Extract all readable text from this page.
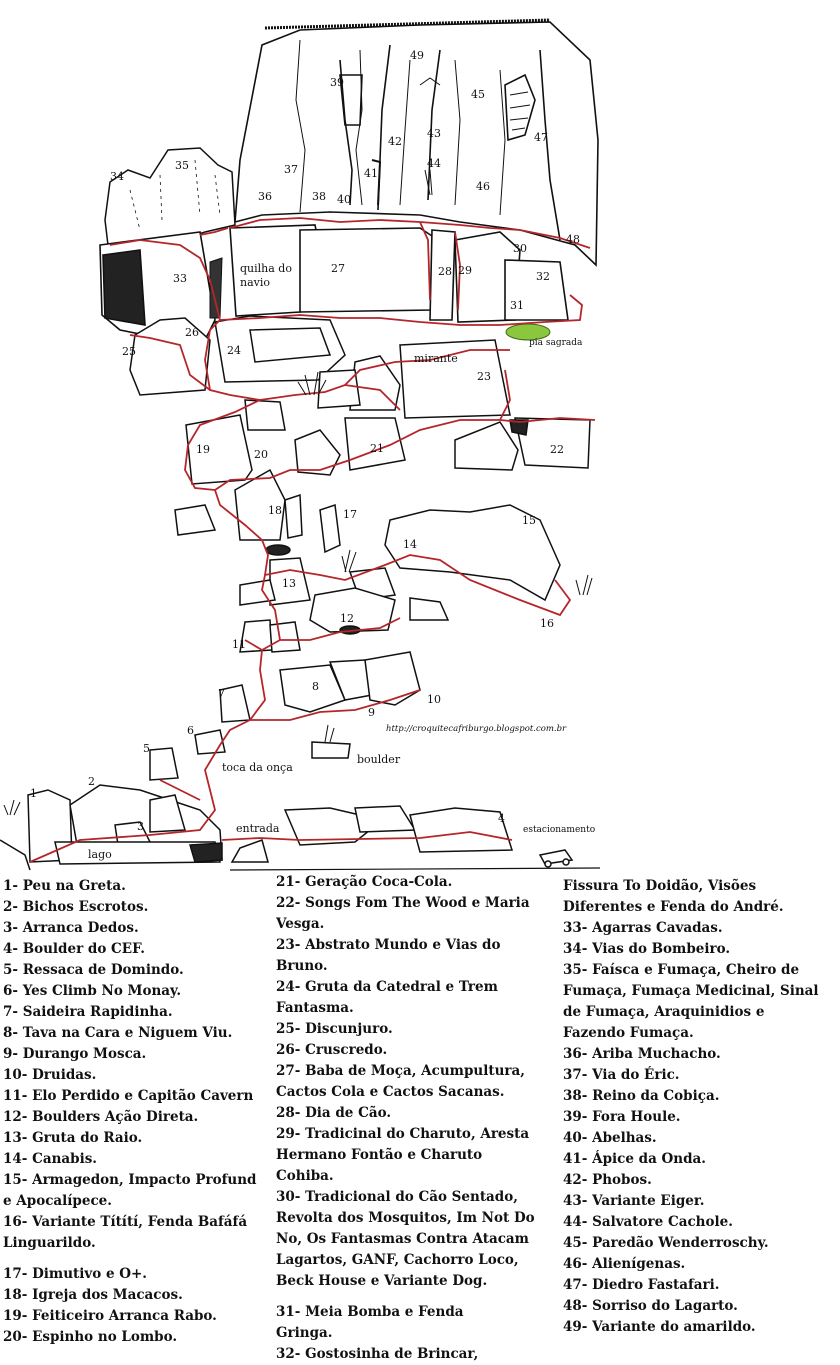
1
2
3
4
5
6
7
8
9
10
11
12
13
14
15
16
17
18
19	20	21	22
23
24
25
26
27	28 29
30
31
32
33
34
35
36
37
38
39
40
41
42
43
44
45
46
47
48
49
quilha do
navio
mirante
pia sagrada
toca da onça
boulder
entrada
lago
estacionamento
http://croquitecafriburgo.blogspot.com.br
1- Peu na Greta.
2- Bichos Escrotos.
3- Arranca Dedos.
4- Boulder do CEF.
5- Ressaca de Domindo.
6- Yes Climb No Monay.
7- Saideira Rapidinha.
8- Tava na Cara e Niguem Viu.
9- Durango Mosca.
10- Druidas.
11- Elo Perdido e Capitão Cavern
12- Boulders Ação Direta.
13- Gruta do Raio.
14- Canabis.
15- Armagedon, Impacto Profund
e Apocalípece.
16- Variante Títítí, Fenda Bafáfá
Linguarildo.
17- Dimutivo e O+.
18- Igreja dos Macacos.
19- Feiticeiro Arranca Rabo.
20- Espinho no Lombo.
21- Geração Coca-Cola.
22- Songs Fom The Wood e Maria
Vesga.
23- Abstrato Mundo e Vias do
Bruno.
24- Gruta da Catedral e Trem
Fantasma.
25- Discunjuro.
26- Cruscredo.
27- Baba de Moça, Acumpultura,
Cactos Cola e Cactos Sacanas.
28- Dia de Cão.
29- Tradicinal do Charuto, Aresta
Hermano Fontão e Charuto
Cohiba.
30- Tradicional do Cão Sentado,
Revolta dos Mosquitos, Im Not Do
No, Os Fantasmas Contra Atacam
Lagartos, GANF, Cachorro Loco,
Beck House e Variante Dog.
31- Meia Bomba e Fenda
Gringa.
32- Gostosinha de Brincar,
Fissura To Doidão, Visões
Diferentes e Fenda do André.
33- Agarras Cavadas.
34- Vias do Bombeiro.
35- Faísca e Fumaça, Cheiro de
Fumaça, Fumaça Medicinal, Sinal
de Fumaça, Araquinidios e
Fazendo Fumaça.
36- Ariba Muchacho.
37- Via do Éric.
38- Reino da Cobiça.
39- Fora Houle.
40- Abelhas.
41- Ápice da Onda.
42- Phobos.
43- Variante Eiger.
44- Salvatore Cachole.
45- Paredão Wenderroschy.
46- Alienígenas.
47- Diedro Fastafari.
48- Sorriso do Lagarto.
49- Variante do amarildo.
